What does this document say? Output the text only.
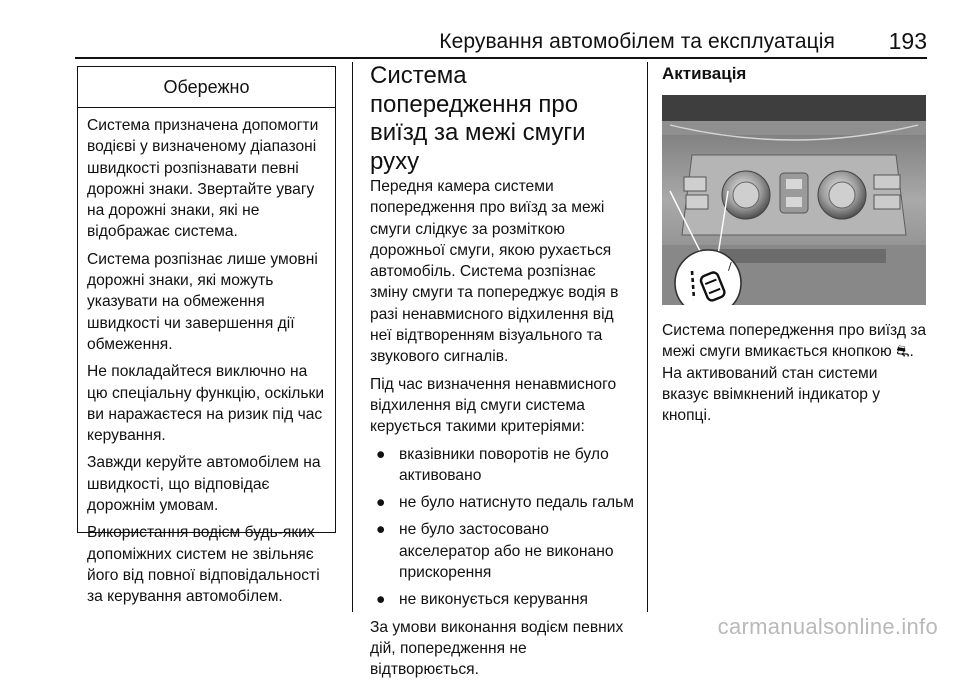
Керування автомобілем та експлуатація 193
Обережно

Система призначена допомогти водієві у визначеному діапазоні швидкості розпізнавати певні дорожні знаки. Звертайте увагу на дорожні знаки, які не відображає система.

Система розпізнає лише умовні дорожні знаки, які можуть указувати на обмеження швидкості чи завершення дії обмеження.

Не покладайтеся виключно на цю спеціальну функцію, оскільки ви наражаєтеся на ризик під час керування.

Завжди керуйте автомобілем на швидкості, що відповідає дорожнім умовам.

Використання водієм будь-яких допоміжних систем не звільняє його від повної відповідальності за керування автомобілем.

Система попередження про виїзд за межі смуги руху

Передня камера системи попередження про виїзд за межі смуги слідкує за розміткою дорожньої смуги, якою рухається автомобіль. Система розпізнає зміну смуги та попереджує водія в разі ненавмисного відхилення від неї відтворенням візуального та звукового сигналів.

Під час визначення ненавмисного відхилення від смуги система керується такими критеріями:

● вказівники поворотів не було активовано
● не було натиснуто педаль гальм
● не було застосовано акселератор або не виконано прискорення
● не виконується керування

За умови виконання водієм певних дій, попередження не відтворюється.

Активація
/

Система попередження про виїзд за межі смуги вмикається кнопкою ⛐. На активований стан системи вказує ввімкнений індикатор у кнопці.

carmanualsonline.info
